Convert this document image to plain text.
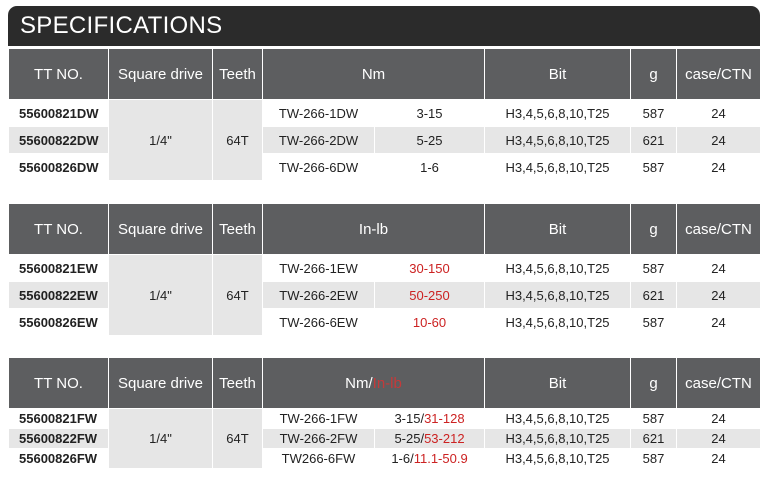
SPECIFICATIONS
TT NO.	Square drive	Teeth	Nm		Bit	g	case/CTN
55600821DW	1/4"	64T	TW-266-1DW	3-15	H3,4,5,6,8,10,T25	587	24
55600822DW			TW-266-2DW	5-25	H3,4,5,6,8,10,T25	621	24
55600826DW			TW-266-6DW	1-6	H3,4,5,6,8,10,T25	587	24
TT NO.	Square drive	Teeth	In-lb		Bit	g	case/CTN
55600821EW	1/4"	64T	TW-266-1EW	30-150	H3,4,5,6,8,10,T25	587	24
55600822EW			TW-266-2EW	50-250	H3,4,5,6,8,10,T25	621	24
55600826EW			TW-266-6EW	10-60	H3,4,5,6,8,10,T25	587	24
TT NO.	Square drive	Teeth	Nm/In-lb		Bit	g	case/CTN
55600821FW	1/4"	64T	TW-266-1FW	3-15/31-128	H3,4,5,6,8,10,T25	587	24
55600822FW			TW-266-2FW	5-25/53-212	H3,4,5,6,8,10,T25	621	24
55600826FW			TW266-6FW	1-6/11.1-50.9	H3,4,5,6,8,10,T25	587	24
